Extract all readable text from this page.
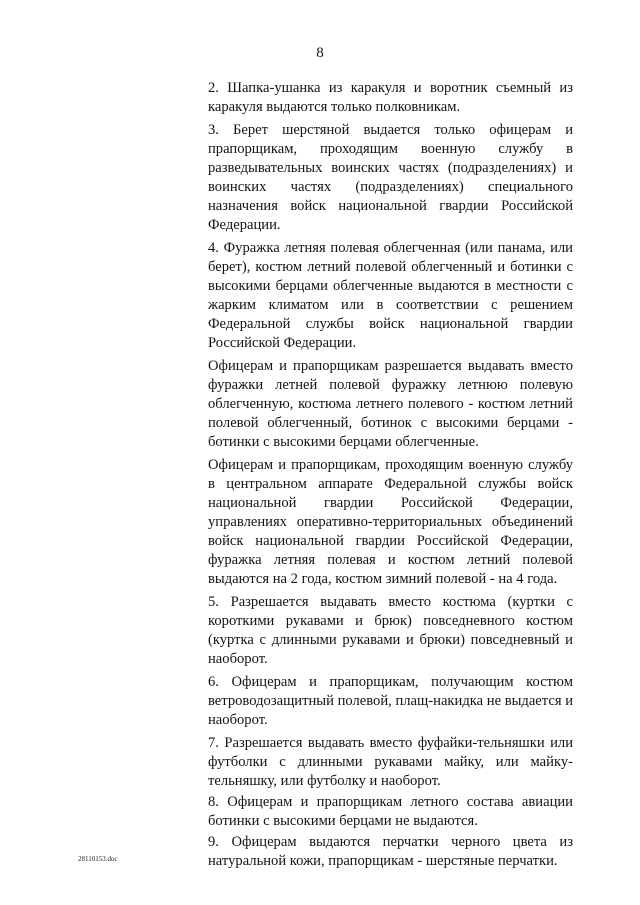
8

2. Шапка-ушанка из каракуля и воротник съемный из каракуля выдаются только полковникам.

3. Берет шерстяной выдается только офицерам и прапорщикам, проходящим военную службу в разведывательных воинских частях (подразделениях) и воинских частях (подразделениях) специального назначения войск национальной гвардии Российской Федерации.

4. Фуражка летняя полевая облегченная (или панама, или берет), костюм летний полевой облегченный и ботинки с высокими берцами облегченные выдаются в местности с жарким климатом или в соответствии с решением Федеральной службы войск национальной гвардии Российской Федерации.

Офицерам и прапорщикам разрешается выдавать вместо фуражки летней полевой фуражку летнюю полевую облегченную, костюма летнего полевого - костюм летний полевой облегченный, ботинок с высокими берцами - ботинки с высокими берцами облегченные.

Офицерам и прапорщикам, проходящим военную службу в центральном аппарате Федеральной службы войск национальной гвардии Российской Федерации, управлениях оперативно-территориальных объединений войск национальной гвардии Российской Федерации, фуражка летняя полевая и костюм летний полевой выдаются на 2 года, костюм зимний полевой - на 4 года.

5. Разрешается выдавать вместо костюма (куртки с короткими рукавами и брюк) повседневного костюм (куртка с длинными рукавами и брюки) повседневный и наоборот.

6. Офицерам и прапорщикам, получающим костюм ветроводозащитный полевой, плащ-накидка не выдается и наоборот.

7. Разрешается выдавать вместо фуфайки-тельняшки или футболки с длинными рукавами майку, или майку-тельняшку, или футболку и наоборот.

8. Офицерам и прапорщикам летного состава авиации ботинки с высокими берцами не выдаются.

9. Офицерам выдаются перчатки черного цвета из натуральной кожи, прапорщикам - шерстяные перчатки.

28110153.doc
